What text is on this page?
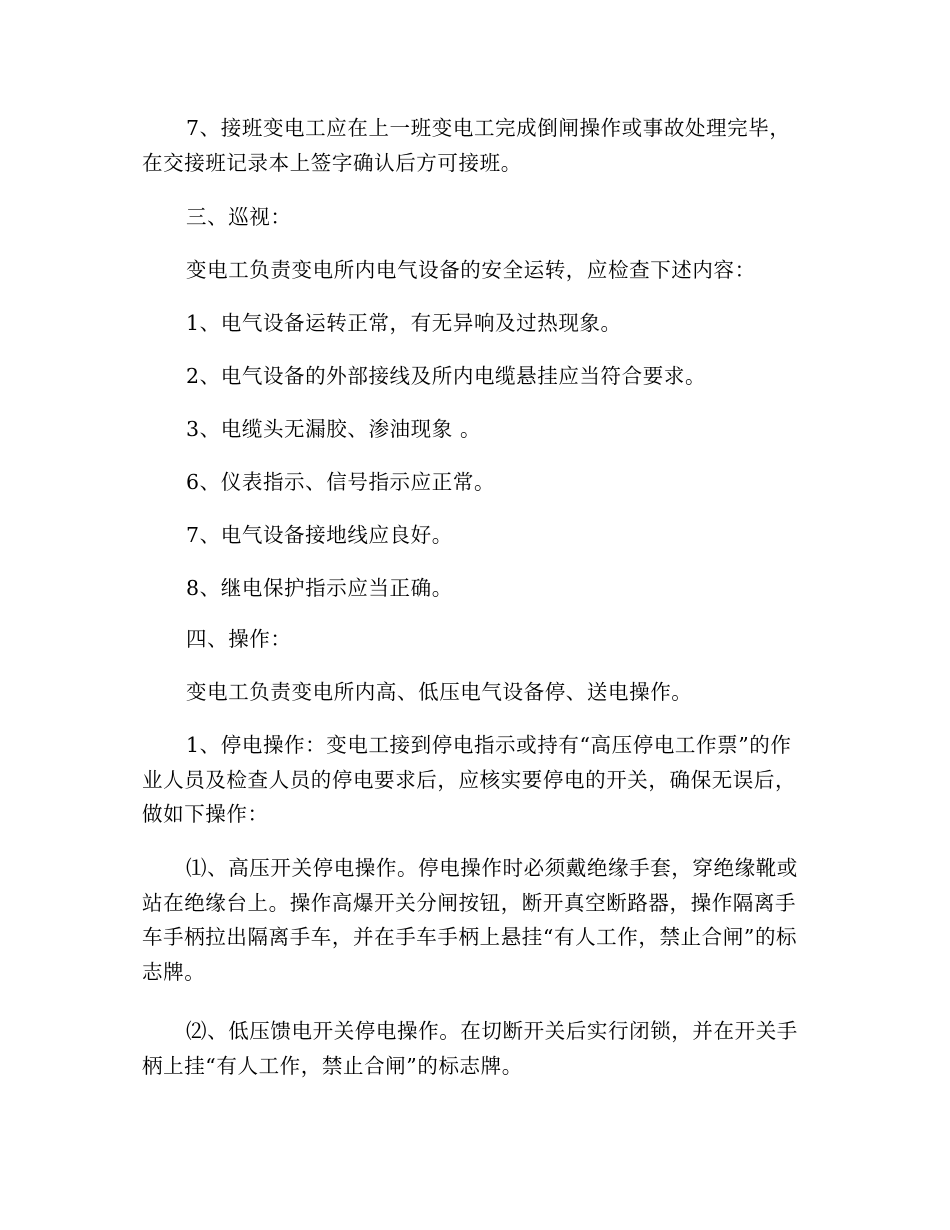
7、接班变电工应在上一班变电工完成倒闸操作或事故处理完毕，在交接班记录本上签字确认后方可接班。

三、巡视：

变电工负责变电所内电气设备的安全运转，应检查下述内容：

1、电气设备运转正常，有无异响及过热现象。

2、电气设备的外部接线及所内电缆悬挂应当符合要求。

3、电缆头无漏胶、渗油现象 。

6、仪表指示、信号指示应正常。

7、电气设备接地线应良好。

8、继电保护指示应当正确。

四、操作：

变电工负责变电所内高、低压电气设备停、送电操作。

1、停电操作：变电工接到停电指示或持有“高压停电工作票”的作业人员及检查人员的停电要求后，应核实要停电的开关，确保无误后，做如下操作：

⑴、高压开关停电操作。停电操作时必须戴绝缘手套，穿绝缘靴或站在绝缘台上。操作高爆开关分闸按钮，断开真空断路器，操作隔离手车手柄拉出隔离手车，并在手车手柄上悬挂“有人工作，禁止合闸”的标志牌。

⑵、低压馈电开关停电操作。在切断开关后实行闭锁，并在开关手柄上挂“有人工作，禁止合闸”的标志牌。
